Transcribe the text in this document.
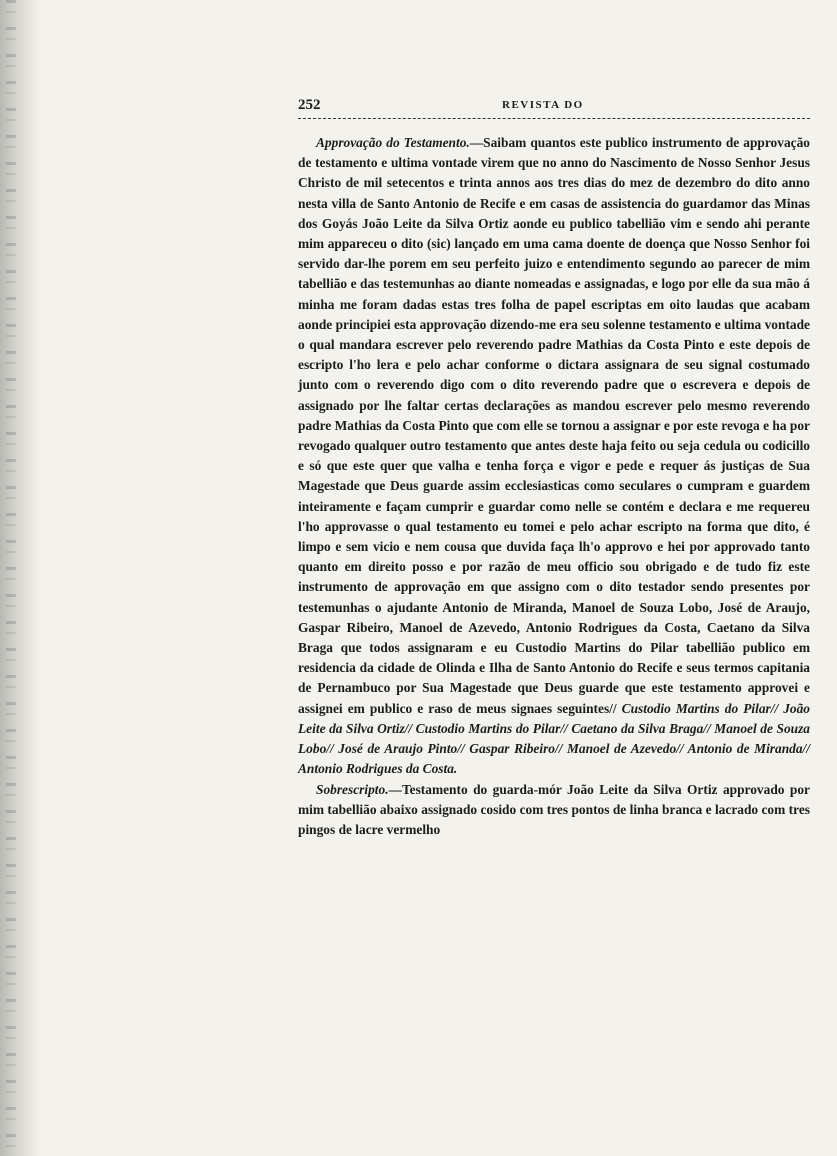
252	REVISTA DO

Approvação do Testamento.—Saibam quantos este publico instrumento de approvação de testamento e ultima vontade virem que no anno do Nascimento de Nosso Senhor Jesus Christo de mil setecentos e trinta annos aos tres dias do mez de dezembro do dito anno nesta villa de Santo Antonio de Recife e em casas de assistencia do guardamor das Minas dos Goyás João Leite da Silva Ortiz aonde eu publico tabellião vim e sendo ahi perante mim appareceu o dito (sic) lançado em uma cama doente de doença que Nosso Senhor foi servido dar-lhe porem em seu perfeito juizo e entendimento segundo ao parecer de mim tabellião e das testemunhas ao diante nomeadas e assignadas, e logo por elle da sua mão á minha me foram dadas estas tres folha de papel escriptas em oito laudas que acabam aonde principiei esta approvação dizendo-me era seu solenne testamento e ultima vontade o qual mandara escrever pelo reverendo padre Mathias da Costa Pinto e este depois de escripto l'ho lera e pelo achar conforme o dictara assignara de seu signal costumado junto com o reverendo digo com o dito reverendo padre que o escrevera e depois de assignado por lhe faltar certas declarações as mandou escrever pelo mesmo reverendo padre Mathias da Costa Pinto que com elle se tornou a assignar e por este revoga e ha por revogado qualquer outro testamento que antes deste haja feito ou seja cedula ou codicillo e só que este quer que valha e tenha força e vigor e pede e requer ás justiças de Sua Magestade que Deus guarde assim ecclesiasticas como seculares o cumpram e guardem inteiramente e façam cumprir e guardar como nelle se contém e declara e me requereu l'ho approvasse o qual testamento eu tomei e pelo achar escripto na forma que dito, é limpo e sem vicio e nem cousa que duvida faça lh'o approvo e hei por approvado tanto quanto em direito posso e por razão de meu officio sou obrigado e de tudo fiz este instrumento de approvação em que assigno com o dito testador sendo presentes por testemunhas o ajudante Antonio de Miranda, Manoel de Souza Lobo, José de Araujo, Gaspar Ribeiro, Manoel de Azevedo, Antonio Rodrigues da Costa, Caetano da Silva Braga que todos assignaram e eu Custodio Martins do Pilar tabellião publico em residencia da cidade de Olinda e Ilha de Santo Antonio do Recife e seus termos capitania de Pernambuco por Sua Magestade que Deus guarde que este testamento approvei e assignei em publico e raso de meus signaes seguintes// Custodio Martins do Pilar// João Leite da Silva Ortiz// Custodio Martins do Pilar// Caetano da Silva Braga// Manoel de Souza Lobo// José de Araujo Pinto// Gaspar Ribeiro// Manoel de Azevedo// Antonio de Miranda// Antonio Rodrigues da Costa.

Sobrescripto.—Testamento do guarda-mór João Leite da Silva Ortiz approvado por mim tabellião abaixo assignado cosido com tres pontos de linha branca e lacrado com tres pingos de lacre vermelho
